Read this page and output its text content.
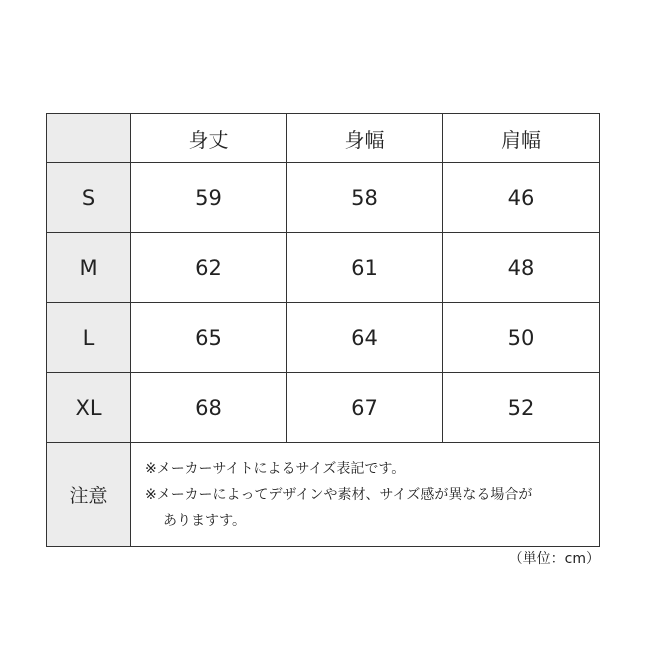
	身丈	身幅	肩幅
S	59	58	46
M	62	61	48
L	65	64	50
XL	68	67	52
注意	※メーカーサイトによるサイズ表記です。
※メーカーによってデザインや素材、サイズ感が異なる場合が
ありますす。		
（単位：cm）
